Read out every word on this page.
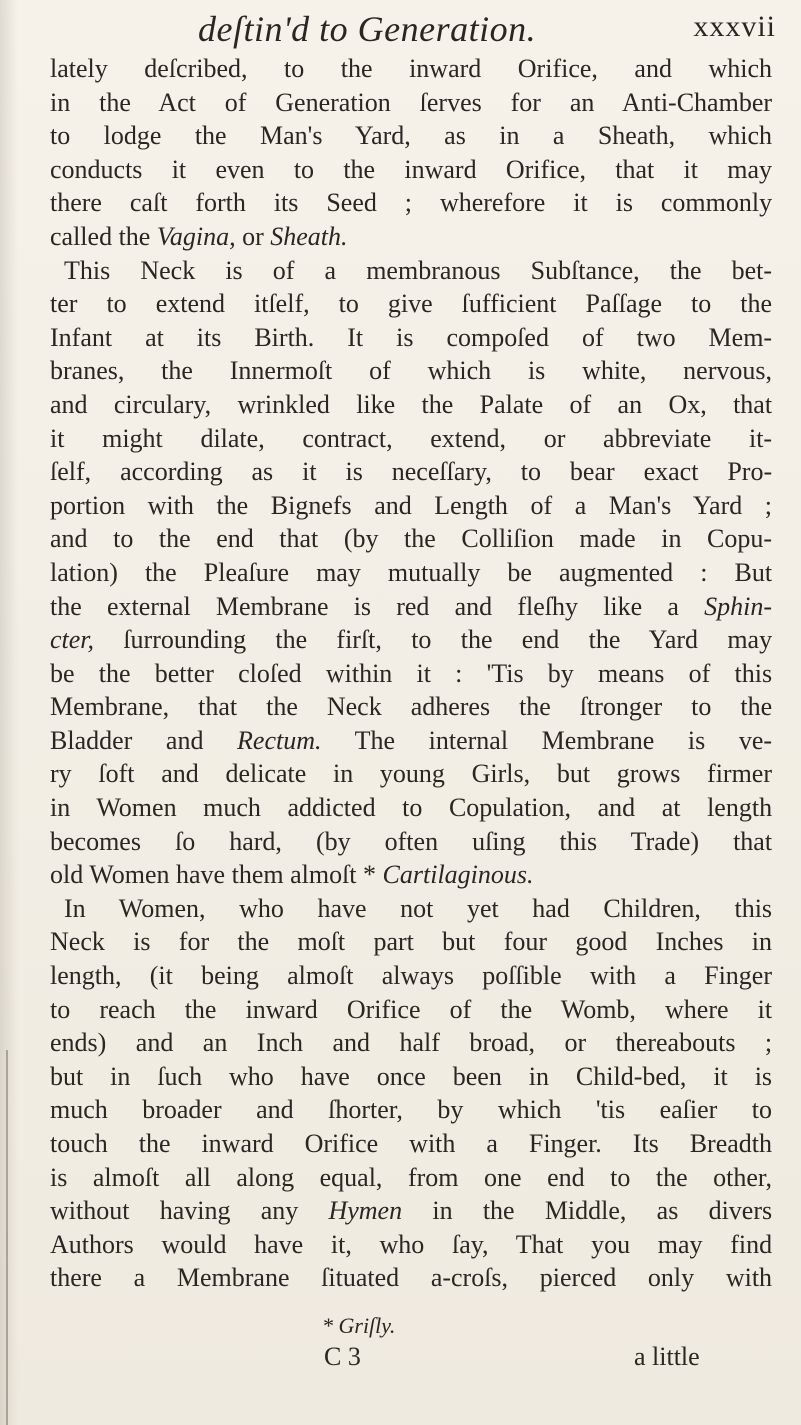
deſtin'd to Generation.	xxxvii
lately deſcribed, to the inward Orifice, and which
in the Act of Generation ſerves for an Anti-Chamber
to lodge the Man's Yard, as in a Sheath, which
conducts it even to the inward Orifice, that it may
there caſt forth its Seed ; wherefore it is commonly
called the Vagina, or Sheath.
This Neck is of a membranous Subſtance, the bet-
ter to extend itſelf, to give ſufficient Paſſage to the
Infant at its Birth. It is compoſed of two Mem-
branes, the Innermoſt of which is white, nervous,
and circulary, wrinkled like the Palate of an Ox, that
it might dilate, contract, extend, or abbreviate it-
ſelf, according as it is neceſſary, to bear exact Pro-
portion with the Bignefs and Length of a Man's Yard ;
and to the end that (by the Colliſion made in Copu-
lation) the Pleaſure may mutually be augmented : But
the external Membrane is red and fleſhy like a Sphin-
cter, ſurrounding the firſt, to the end the Yard may
be the better cloſed within it : 'Tis by means of this
Membrane, that the Neck adheres the ſtronger to the
Bladder and Rectum. The internal Membrane is ve-
ry ſoft and delicate in young Girls, but grows firmer
in Women much addicted to Copulation, and at length
becomes ſo hard, (by often uſing this Trade) that
old Women have them almoſt * Cartilaginous.
In Women, who have not yet had Children, this
Neck is for the moſt part but four good Inches in
length, (it being almoſt always poſſible with a Finger
to reach the inward Orifice of the Womb, where it
ends) and an Inch and half broad, or thereabouts ;
but in ſuch who have once been in Child-bed, it is
much broader and ſhorter, by which 'tis eaſier to
touch the inward Orifice with a Finger. Its Breadth
is almoſt all along equal, from one end to the other,
without having any Hymen in the Middle, as divers
Authors would have it, who ſay, That you may find
there a Membrane ſituated a-croſs, pierced only with
* Griſly.
C 3	a little
